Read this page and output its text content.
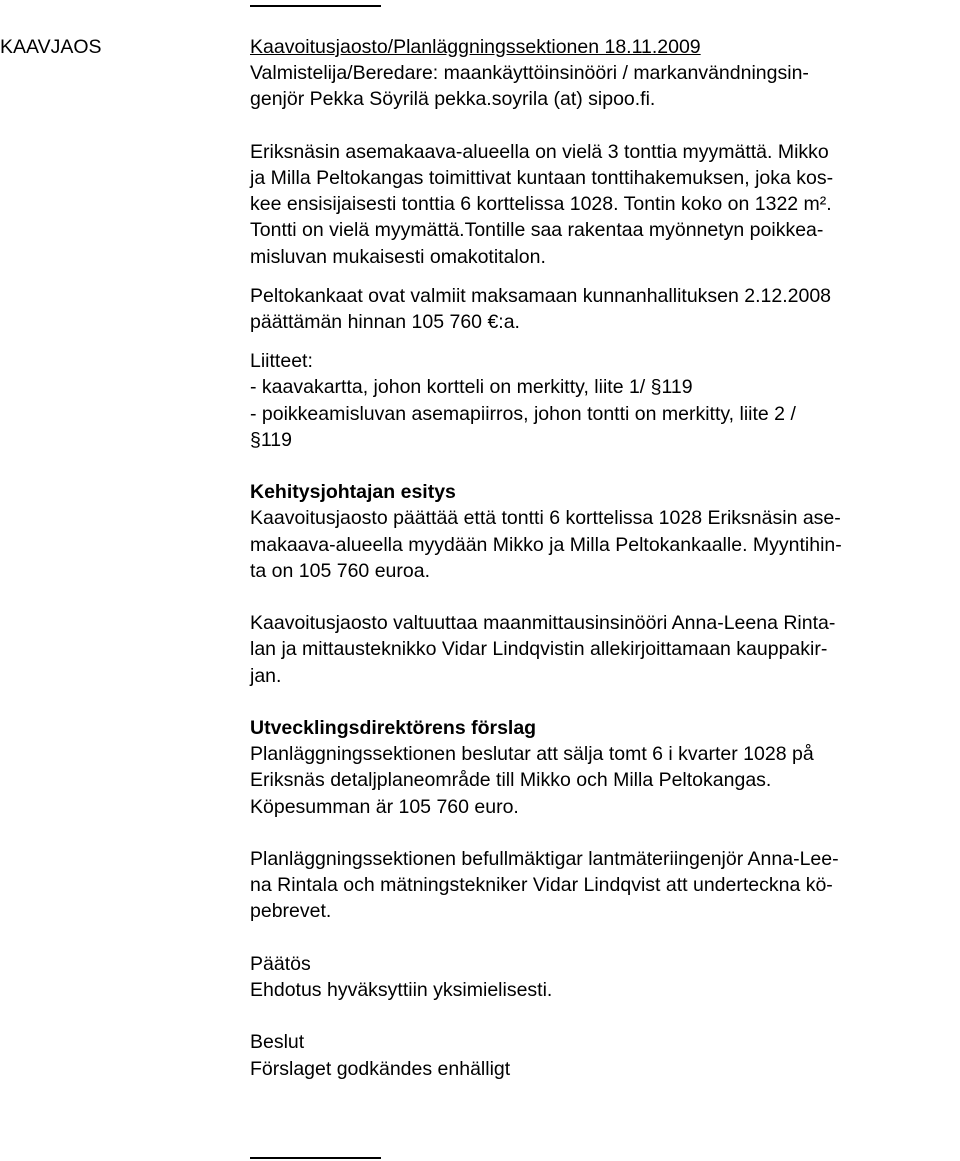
KAAVJAOS	Kaavoitusjaosto/Planläggningssektionen 18.11.2009
Valmistelija/Beredare: maankäyttöinsinööri / markanvändningsin-
genjör Pekka Söyrilä pekka.soyrila (at) sipoo.fi.

Eriksnäsin asemakaava-alueella on vielä 3 tonttia myymättä. Mikko
ja Milla Peltokangas toimittivat kuntaan tonttihakemuksen, joka kos-
kee ensisijaisesti tonttia 6 korttelissa 1028. Tontin koko on 1322 m².
Tontti on vielä myymättä.Tontille saa rakentaa myönnetyn poikkea-
misluvan mukaisesti omakotitalon.

Peltokankaat ovat valmiit maksamaan kunnanhallituksen 2.12.2008
päättämän hinnan 105 760 €:a.

Liitteet:
- kaavakartta, johon kortteli on merkitty, liite 1/ §119
- poikkeamisluvan asemapiirros, johon tontti on merkitty, liite 2 /
§119

Kehitysjohtajan esitys
Kaavoitusjaosto päättää että tontti 6 korttelissa 1028 Eriksnäsin ase-
makaava-alueella myydään Mikko ja Milla Peltokankaalle. Myyntihin-
ta on 105 760 euroa.

Kaavoitusjaosto valtuuttaa maanmittausinsinööri Anna-Leena Rinta-
lan ja mittausteknikko Vidar Lindqvistin allekirjoittamaan kauppakir-
jan.

Utvecklingsdirektörens förslag
Planläggningssektionen beslutar att sälja tomt 6 i kvarter 1028 på
Eriksnäs detaljplaneområde till Mikko och Milla Peltokangas.
Köpesumman är 105 760 euro.

Planläggningssektionen befullmäktigar lantmäteriingenjör Anna-Lee-
na Rintala och mätningstekniker Vidar Lindqvist att underteckna kö-
pebrevet.

Päätös
Ehdotus hyväksyttiin yksimielisesti.

Beslut
Förslaget godkändes enhälligt
